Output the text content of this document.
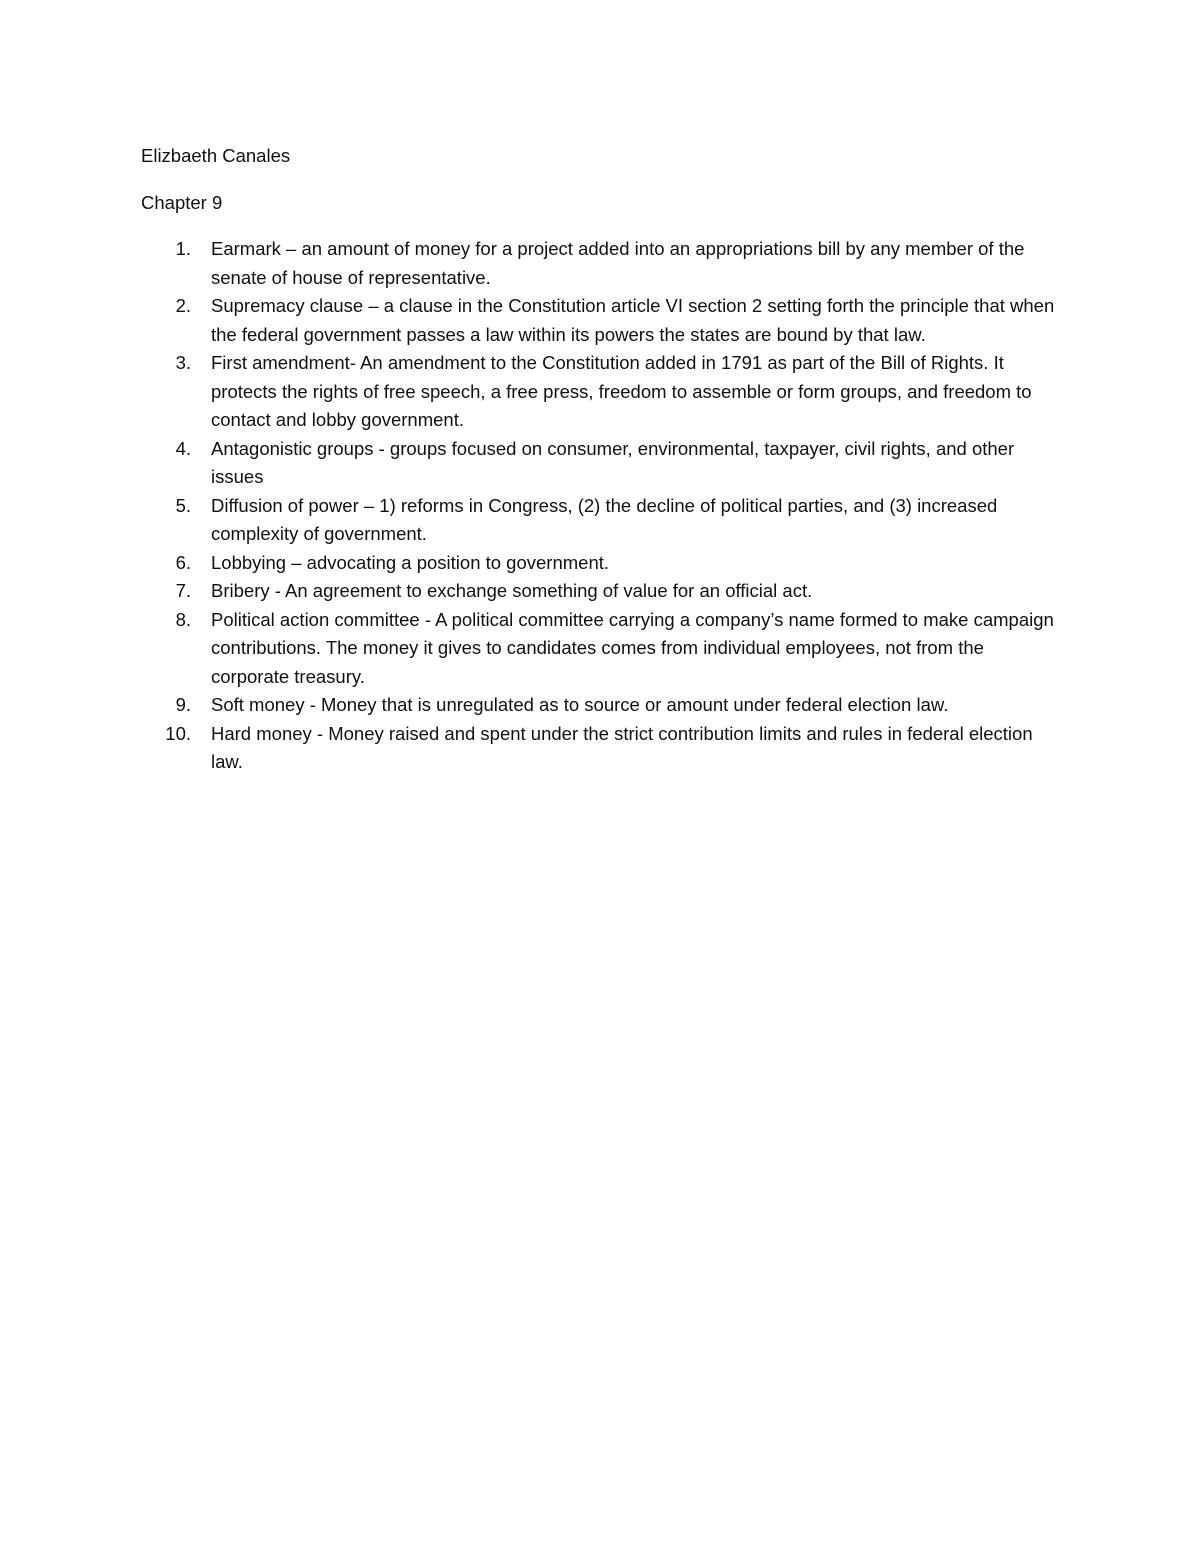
Elizbaeth Canales

Chapter 9

1.	Earmark – an amount of money for a project added into an appropriations bill by any member of the senate of house of representative.
2.	Supremacy clause – a clause in the Constitution article VI section 2 setting forth the principle that when the federal government passes a law within its powers the states are bound by that law.
3.	First amendment- An amendment to the Constitution added in 1791 as part of the Bill of Rights. It protects the rights of free speech, a free press, freedom to assemble or form groups, and freedom to contact and lobby government.
4.	Antagonistic groups - groups focused on consumer, environmental, taxpayer, civil rights, and other issues
5.	Diffusion of power – 1) reforms in Congress, (2) the decline of political parties, and (3) increased complexity of government.
6.	Lobbying – advocating a position to government.
7.	Bribery - An agreement to exchange something of value for an official act.
8.	Political action committee - A political committee carrying a company’s name formed to make campaign contributions. The money it gives to candidates comes from individual employees, not from the corporate treasury.
9.	Soft money - Money that is unregulated as to source or amount under federal election law.
10.	Hard money - Money raised and spent under the strict contribution limits and rules in federal election law.
